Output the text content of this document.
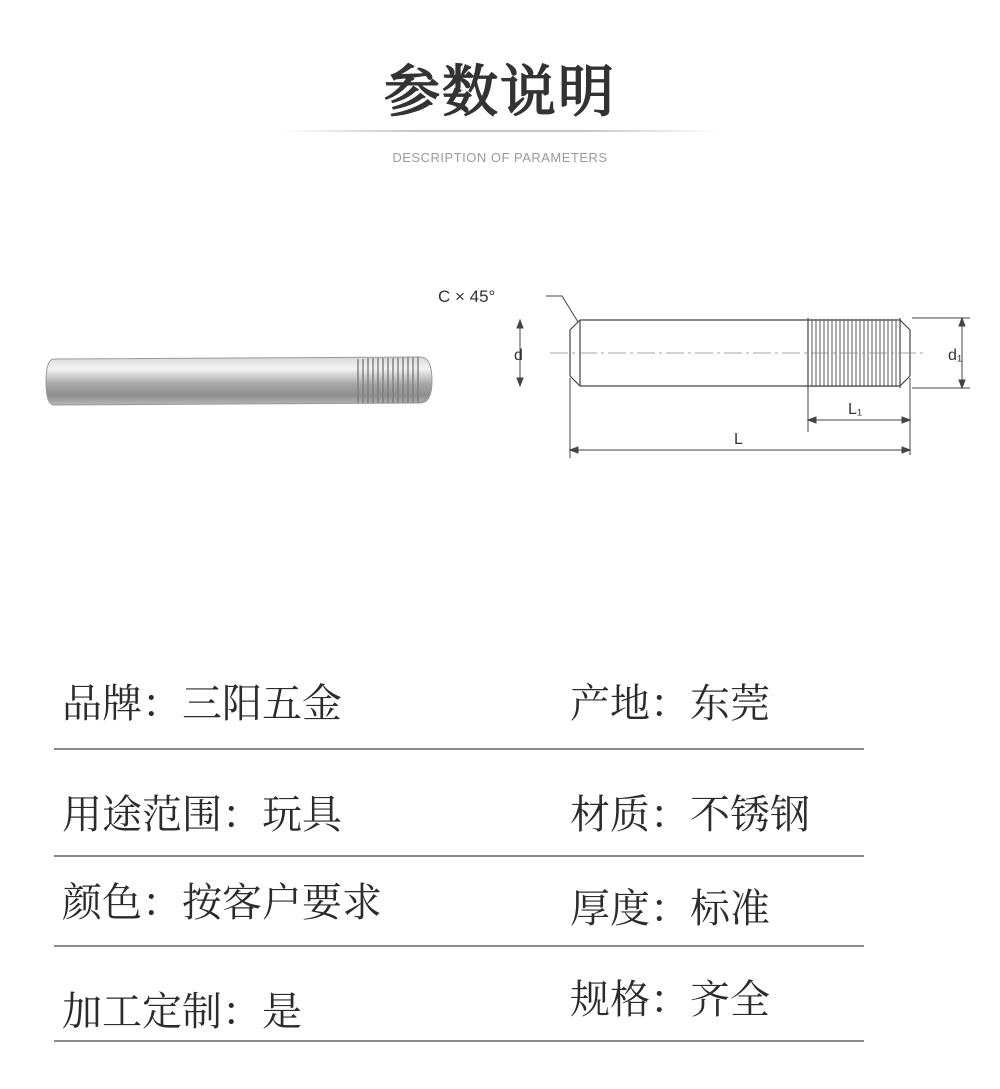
参数说明
DESCRIPTION OF PARAMETERS
C × 45°
d	d₁
L₁
L
品牌：三阳五金	产地：东莞
用途范围：玩具	材质：不锈钢
颜色：按客户要求	厚度：标准
加工定制：是	规格：齐全
